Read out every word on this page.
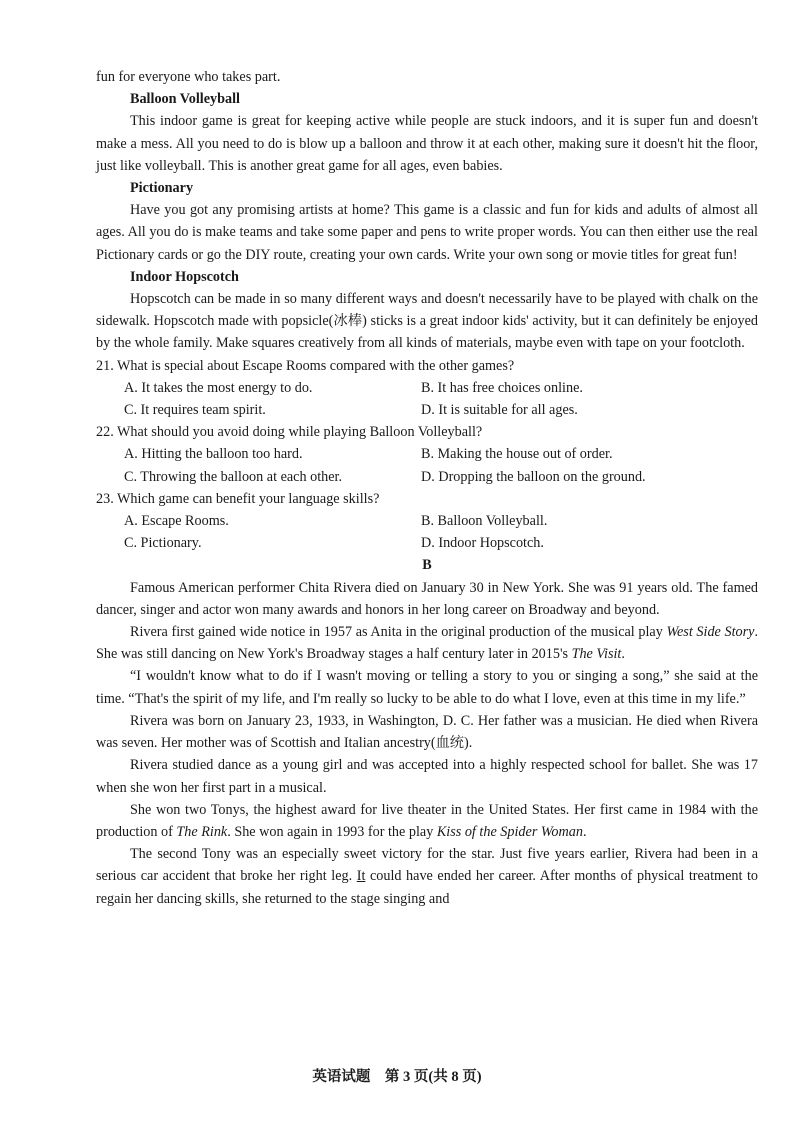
fun for everyone who takes part.

Balloon Volleyball

This indoor game is great for keeping active while people are stuck indoors, and it is super fun and doesn't make a mess. All you need to do is blow up a balloon and throw it at each other, making sure it doesn't hit the floor, just like volleyball. This is another great game for all ages, even babies.

Pictionary

Have you got any promising artists at home? This game is a classic and fun for kids and adults of almost all ages. All you do is make teams and take some paper and pens to write proper words. You can then either use the real Pictionary cards or go the DIY route, creating your own cards. Write your own song or movie titles for great fun!

Indoor Hopscotch

Hopscotch can be made in so many different ways and doesn't necessarily have to be played with chalk on the sidewalk. Hopscotch made with popsicle(冰棒) sticks is a great indoor kids' activity, but it can definitely be enjoyed by the whole family. Make squares creatively from all kinds of materials, maybe even with tape on your footcloth.

21. What is special about Escape Rooms compared with the other games?
A. It takes the most energy to do.	B. It has free choices online.
C. It requires team spirit.	D. It is suitable for all ages.
22. What should you avoid doing while playing Balloon Volleyball?
A. Hitting the balloon too hard.	B. Making the house out of order.
C. Throwing the balloon at each other.	D. Dropping the balloon on the ground.
23. Which game can benefit your language skills?
A. Escape Rooms.	B. Balloon Volleyball.
C. Pictionary.	D. Indoor Hopscotch.
B

Famous American performer Chita Rivera died on January 30 in New York. She was 91 years old. The famed dancer, singer and actor won many awards and honors in her long career on Broadway and beyond.

Rivera first gained wide notice in 1957 as Anita in the original production of the musical play West Side Story. She was still dancing on New York's Broadway stages a half century later in 2015's The Visit.

“I wouldn't know what to do if I wasn't moving or telling a story to you or singing a song,” she said at the time. “That's the spirit of my life, and I'm really so lucky to be able to do what I love, even at this time in my life.”

Rivera was born on January 23, 1933, in Washington, D. C. Her father was a musician. He died when Rivera was seven. Her mother was of Scottish and Italian ancestry(血统).

Rivera studied dance as a young girl and was accepted into a highly respected school for ballet. She was 17 when she won her first part in a musical.

She won two Tonys, the highest award for live theater in the United States. Her first came in 1984 with the production of The Rink. She won again in 1993 for the play Kiss of the Spider Woman.

The second Tony was an especially sweet victory for the star. Just five years earlier, Rivera had been in a serious car accident that broke her right leg. It could have ended her career. After months of physical treatment to regain her dancing skills, she returned to the stage singing and

英语试题　第 3 页(共 8 页)
